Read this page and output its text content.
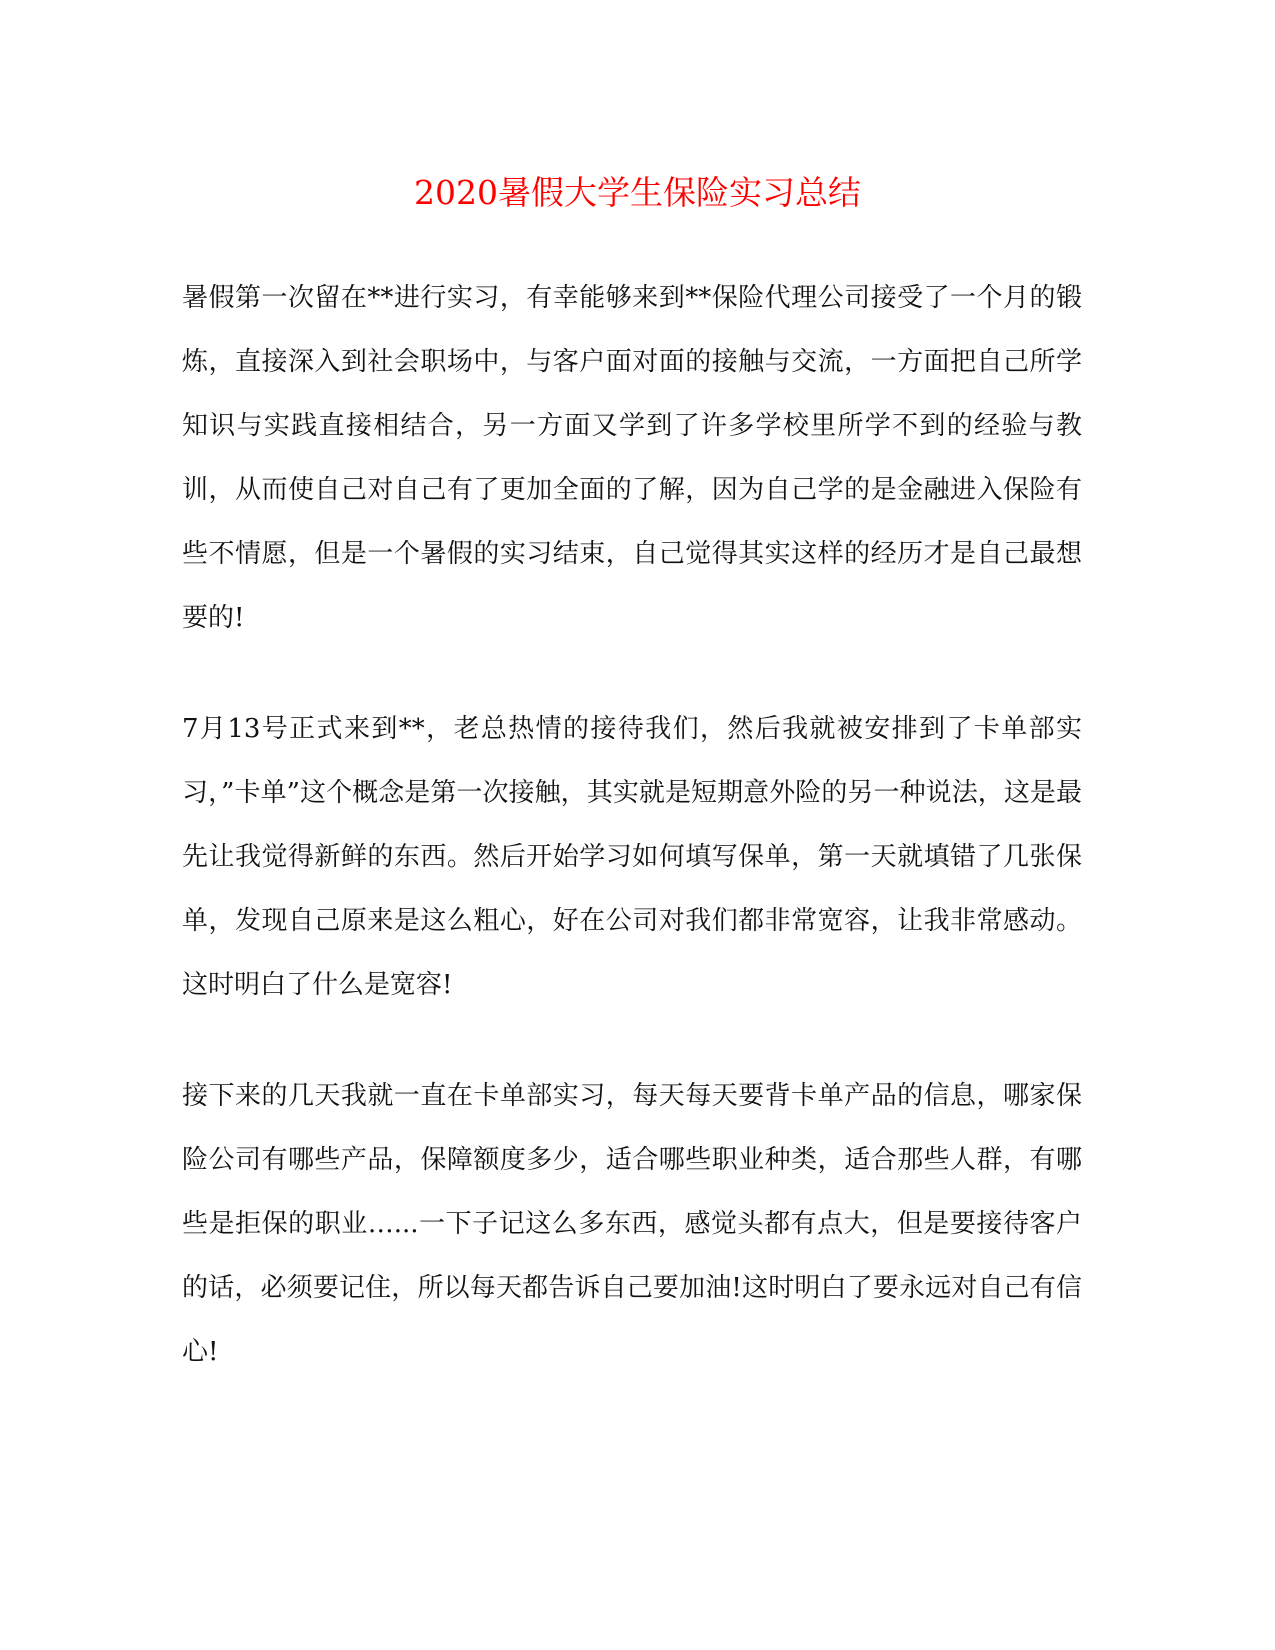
2020暑假大学生保险实习总结

暑假第一次留在**进行实习，有幸能够来到**保险代理公司接受了一个月的锻炼，直接深入到社会职场中，与客户面对面的接触与交流，一方面把自己所学知识与实践直接相结合，另一方面又学到了许多学校里所学不到的经验与教训，从而使自己对自己有了更加全面的了解，因为自己学的是金融进入保险有些不情愿，但是一个暑假的实习结束，自己觉得其实这样的经历才是自己最想要的!

7月13号正式来到**，老总热情的接待我们，然后我就被安排到了卡单部实习，”卡单”这个概念是第一次接触，其实就是短期意外险的另一种说法，这是最先让我觉得新鲜的东西。然后开始学习如何填写保单，第一天就填错了几张保单，发现自己原来是这么粗心，好在公司对我们都非常宽容，让我非常感动。这时明白了什么是宽容!

接下来的几天我就一直在卡单部实习，每天每天要背卡单产品的信息，哪家保险公司有哪些产品，保障额度多少，适合哪些职业种类，适合那些人群，有哪些是拒保的职业…...一下子记这么多东西，感觉头都有点大，但是要接待客户的话，必须要记住，所以每天都告诉自己要加油!这时明白了要永远对自己有信心!
